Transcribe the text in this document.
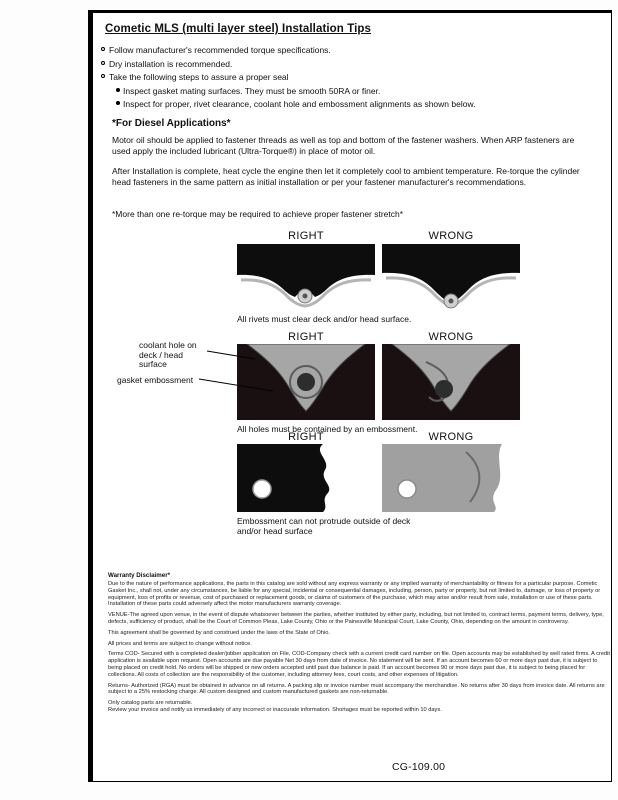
Cometic MLS (multi layer steel) Installation Tips
Follow manufacturer's recommended torque specifications.
Dry installation is recommended.
Take the following steps to assure a proper seal
Inspect gasket mating surfaces. They must be smooth 50RA or finer.
Inspect for proper, rivet clearance, coolant hole and embossment alignments as shown below.
*For Diesel Applications*
Motor oil should be applied to fastener threads as well as top and bottom of the fastener washers. When ARP fasteners are used apply the included lubricant (Ultra-Torque®) in place of motor oil.
After Installation is complete, heat cycle the engine then let it completely cool to ambient temperature. Re-torque the cylinder head fasteners in the same pattern as initial installation or per your fastener manufacturer's recommendations.
*More than one re-torque may be required to achieve proper fastener stretch*
RIGHT	WRONG
All rivets must clear deck and/or head surface.
RIGHT	WRONG
coolant hole on deck / head surface
gasket embossment
All holes must be contained by an embossment.
RIGHT	WRONG
Embossment can not protrude outside of deck and/or head surface
Warranty Disclaimer*

Due to the nature of performance applications, the parts in this catalog are sold without any express warranty or any implied warranty of merchantability or fitness for a particular purpose. Cometic Gasket Inc., shall not, under any circumstances, be liable for any special, incidental or consequential damages, including, person, party or property, but not limited to, damage, or loss of property or equipment, loss of profits or revenue, cost of purchased or replacement goods, or claims of customers of the purchase, which may arise and/or result from sale, installation or use of these parts. Installation of these parts could adversely affect the motor manufacturers warranty coverage.

VENUE-The agreed upon venue, in the event of dispute whatsoever between the parties, whether instituted by either party, including, but not limited to, contract terms, payment terms, delivery, type, defects, sufficiency of product, shall be the Court of Common Pleas, Lake County, Ohio or the Painesville Municipal Court, Lake County, Ohio, depending on the amount in controversy.

This agreement shall be governed by and construed under the laws of the State of Ohio.

All prices and terms are subject to change without notice.

Terms COD- Secured with a completed dealer/jobber application on File, COD-Company check with a current credit card number on file. Open accounts may be established by well rated firms. A credit application is available upon request. Open accounts are due payable Net 30 days from date of invoice. No statement will be sent. If an account becomes 60 or more days past due, it is subject to being placed on credit hold. No orders will be shipped or new orders accepted until past due balance is paid. If an account becomes 90 or more days past due, it is subject to being placed for collections. All costs of collection are the responsibility of the customer, including attorney fees, court costs, and other expenses of litigation.

Returns- Authorized (RGA) must be obtained in advance on all returns. A packing slip or invoice number must accompany the merchandise. No returns after 30 days from invoice date. All returns are subject to a 25% restocking charge. All custom designed and custom manufactured gaskets are non-returnable.

Only catalog parts are returnable.

Review your invoice and notify us immediately of any incorrect or inaccurate information. Shortages must be reported within 10 days.

CG-109.00
